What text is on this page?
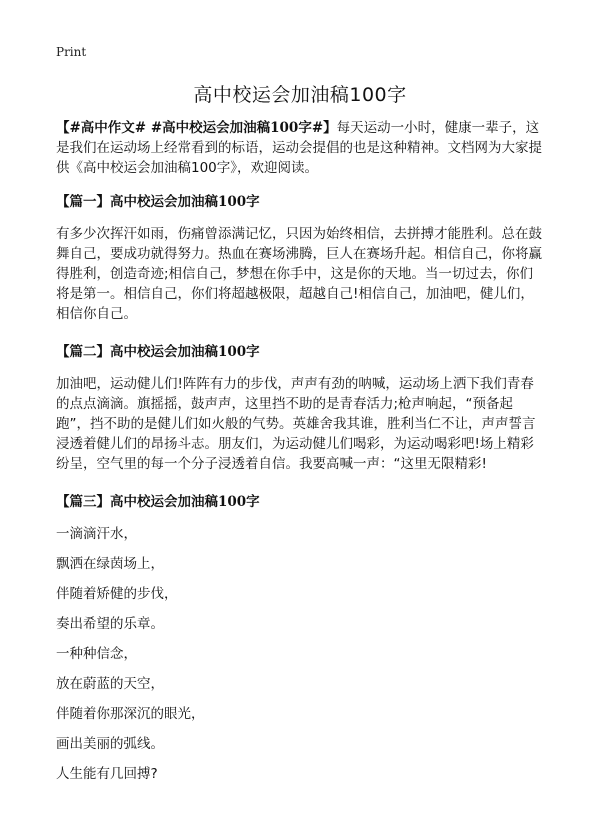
Print
高中校运会加油稿100字

【#高中作文# #高中校运会加油稿100字#】每天运动一小时，健康一辈子，这是我们在运动场上经常看到的标语，运动会提倡的也是这种精神。文档网为大家提供《高中校运会加油稿100字》，欢迎阅读。

【篇一】高中校运会加油稿100字

有多少次挥汗如雨，伤痛曾添满记忆，只因为始终相信，去拼搏才能胜利。总在鼓舞自己，要成功就得努力。热血在赛场沸腾，巨人在赛场升起。相信自己，你将赢得胜利，创造奇迹;相信自己，梦想在你手中，这是你的天地。当一切过去，你们将是第一。相信自己，你们将超越极限，超越自己!相信自己，加油吧，健儿们，相信你自己。

【篇二】高中校运会加油稿100字

加油吧，运动健儿们!阵阵有力的步伐，声声有劲的呐喊，运动场上洒下我们青春的点点滴滴。旗摇摇，鼓声声，这里挡不助的是青春活力;枪声响起，“预备起跑”，挡不助的是健儿们如火般的气势。英雄舍我其谁，胜利当仁不让，声声誓言浸透着健儿们的昂扬斗志。朋友们，为运动健儿们喝彩，为运动喝彩吧!场上精彩纷呈，空气里的每一个分子浸透着自信。我要高喊一声：“这里无限精彩!

【篇三】高中校运会加油稿100字

一滴滴汗水，

飘洒在绿茵场上，

伴随着矫健的步伐，

奏出希望的乐章。

一种种信念，

放在蔚蓝的天空，

伴随着你那深沉的眼光，

画出美丽的弧线。

人生能有几回搏?
